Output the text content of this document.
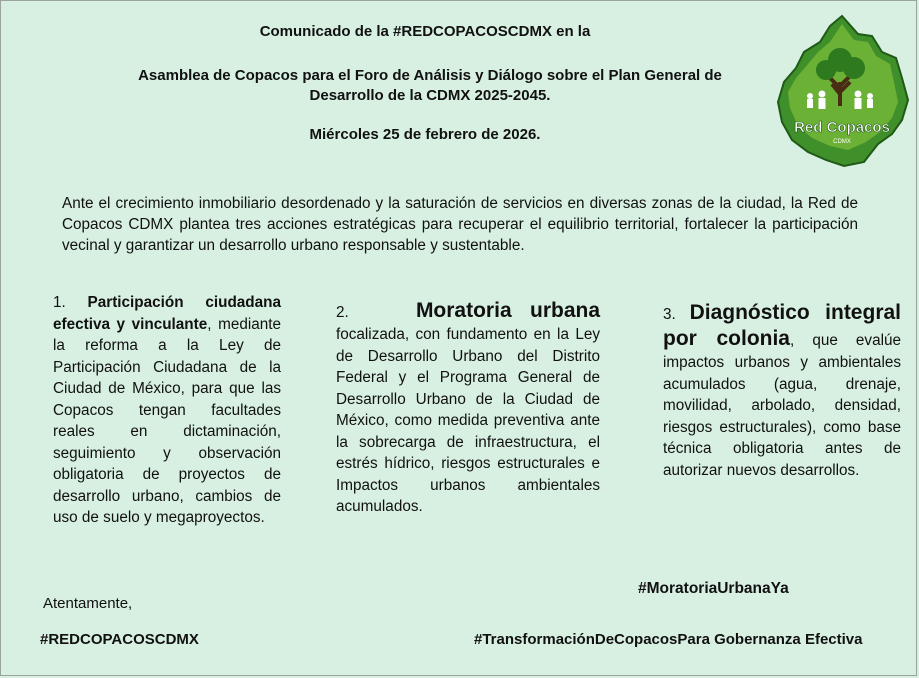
Comunicado de la #REDCOPACOSCDMX en la
Asamblea de Copacos para el Foro de Análisis y Diálogo sobre el Plan General de
Desarrollo de la CDMX 2025-2045.
Miércoles 25 de febrero de 2026.	Red Copacos
CDMX
Ante el crecimiento inmobiliario desordenado y la saturación de servicios en diversas zonas de la ciudad, la Red de Copacos CDMX plantea tres acciones estratégicas para recuperar el equilibrio territorial, fortalecer la participación vecinal y garantizar un desarrollo urbano responsable y sustentable.
1. Participación ciudadana efectiva y vinculante, mediante la reforma a la Ley de Participación Ciudadana de la Ciudad de México, para que las Copacos tengan facultades reales en dictaminación, seguimiento y observación obligatoria de proyectos de desarrollo urbano, cambios de uso de suelo y megaproyectos.
2.	Moratoria urbana focalizada, con fundamento en la Ley de Desarrollo Urbano del Distrito Federal y el Programa General de Desarrollo Urbano de la Ciudad de México, como medida preventiva ante la sobrecarga de infraestructura, el estrés hídrico, riesgos estructurales e Impactos urbanos ambientales acumulados.
3. Diagnóstico integral por colonia, que evalúe impactos urbanos y ambientales acumulados (agua, drenaje, movilidad, arbolado, densidad, riesgos estructurales), como base técnica obligatoria antes de autorizar nuevos desarrollos.
Atentamente,
#MoratoriaUrbanaYa
#REDCOPACOSCDMX	#TransformaciónDeCopacosPara Gobernanza Efectiva
